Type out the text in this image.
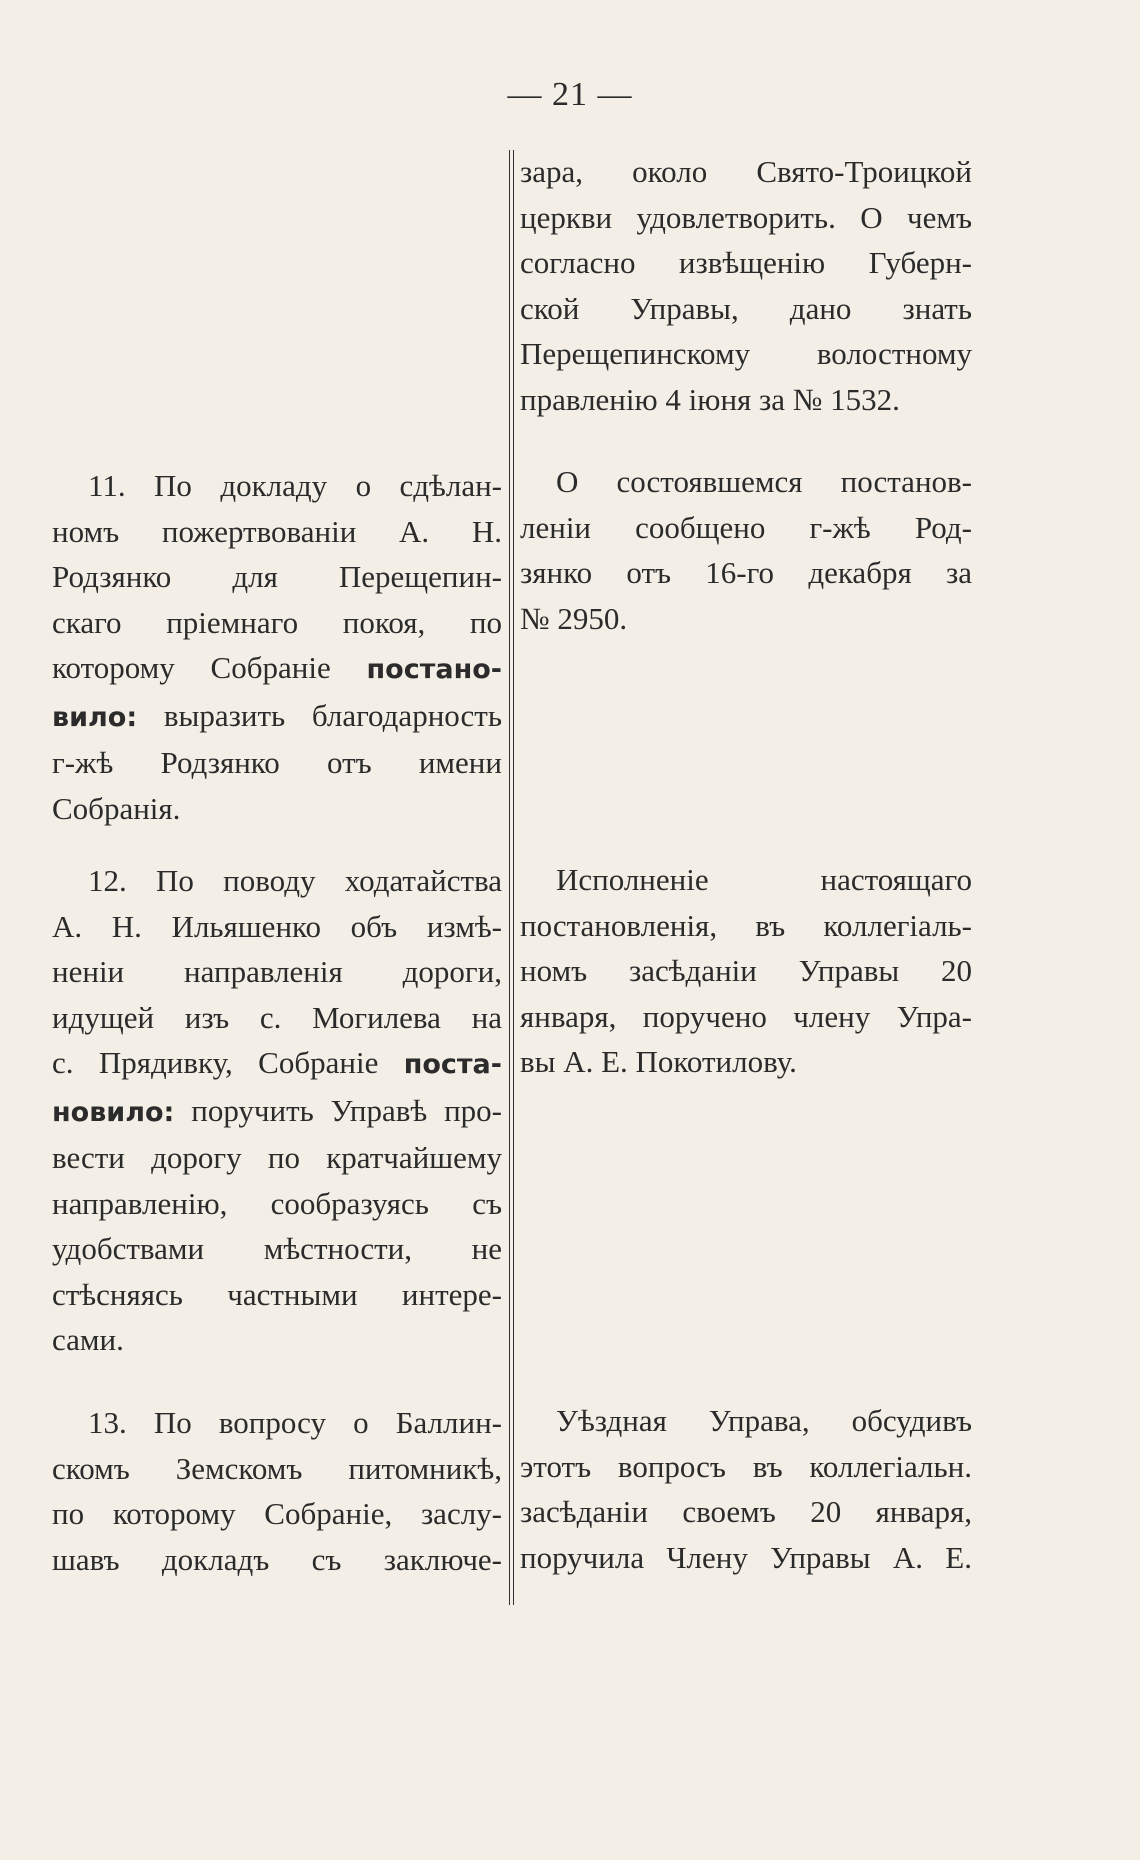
— 21 —
11. По докладу о сдѣлан-
номъ пожертвованіи А. Н.
Родзянко для Перещепин-
скаго пріемнаго покоя, по
которому Собраніе постано-
вило: выразить благодарность
г-жѣ Родзянко отъ имени
Собранія.
12. По поводу ходатайства
А. Н. Ильяшенко объ измѣ-
неніи направленія дороги,
идущей изъ с. Могилева на
с. Прядивку, Собраніе поста-
новило: поручить Управѣ про-
вести дорогу по кратчайшему
направленію, сообразуясь съ
удобствами мѣстности, не
стѣсняясь частными интере-
сами.
13. По вопросу о Баллин-
скомъ Земскомъ питомникѣ,
по которому Собраніе, заслу-
шавъ докладъ съ заключе-
зара, около Свято-Троицкой
церкви удовлетворить. О чемъ
согласно извѣщенію Губерн-
ской Управы, дано знать
Перещепинскому волостному
правленію 4 іюня за № 1532.
О состоявшемся постанов-
леніи сообщено г-жѣ Род-
зянко отъ 16-го декабря за
№ 2950.
Исполненіе настоящаго
постановленія, въ коллегіаль-
номъ засѣданіи Управы 20
января, поручено члену Упра-
вы А. Е. Покотилову.
Уѣздная Управа, обсудивъ
этотъ вопросъ въ коллегіальн.
засѣданіи своемъ 20 января,
поручила Члену Управы А. Е.
